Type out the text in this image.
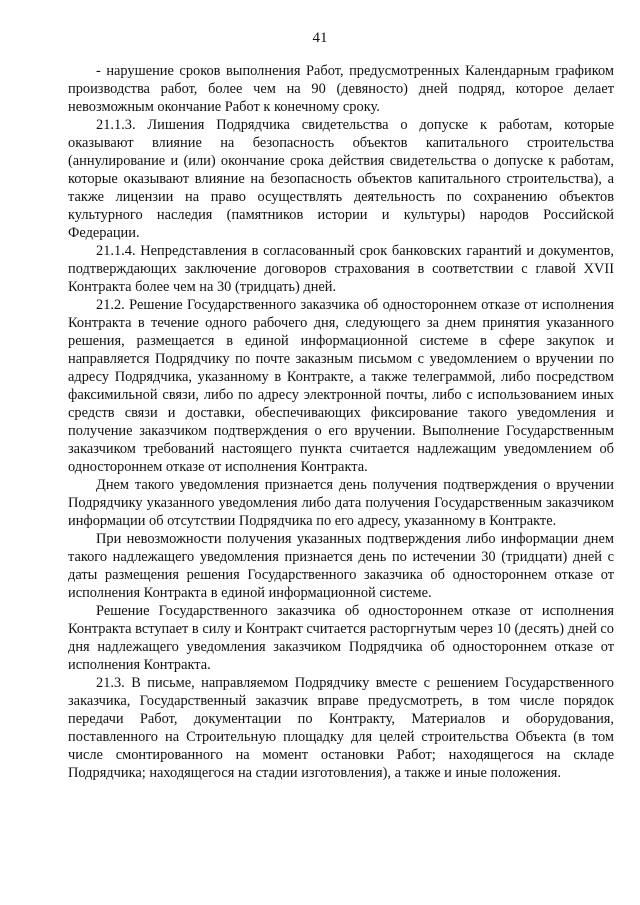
41

- нарушение сроков выполнения Работ, предусмотренных Календарным графиком производства работ, более чем на 90 (девяносто) дней подряд, которое делает невозможным окончание Работ к конечному сроку.

21.1.3. Лишения Подрядчика свидетельства о допуске к работам, которые оказывают влияние на безопасность объектов капитального строительства (аннулирование и (или) окончание срока действия свидетельства о допуске к работам, которые оказывают влияние на безопасность объектов капитального строительства), а также лицензии на право осуществлять деятельность по сохранению объектов культурного наследия (памятников истории и культуры) народов Российской Федерации.

21.1.4. Непредставления в согласованный срок банковских гарантий и документов, подтверждающих заключение договоров страхования в соответствии с главой XVII Контракта более чем на 30 (тридцать) дней.

21.2. Решение Государственного заказчика об одностороннем отказе от исполнения Контракта в течение одного рабочего дня, следующего за днем принятия указанного решения, размещается в единой информационной системе в сфере закупок и направляется Подрядчику по почте заказным письмом с уведомлением о вручении по адресу Подрядчика, указанному в Контракте, а также телеграммой, либо посредством факсимильной связи, либо по адресу электронной почты, либо с использованием иных средств связи и доставки, обеспечивающих фиксирование такого уведомления и получение заказчиком подтверждения о его вручении. Выполнение Государственным заказчиком требований настоящего пункта считается надлежащим уведомлением об одностороннем отказе от исполнения Контракта.

Днем такого уведомления признается день получения подтверждения о вручении Подрядчику указанного уведомления либо дата получения Государственным заказчиком информации об отсутствии Подрядчика по его адресу, указанному в Контракте.

При невозможности получения указанных подтверждения либо информации днем такого надлежащего уведомления признается день по истечении 30 (тридцати) дней с даты размещения решения Государственного заказчика об одностороннем отказе от исполнения Контракта в единой информационной системе.

Решение Государственного заказчика об одностороннем отказе от исполнения Контракта вступает в силу и Контракт считается расторгнутым через 10 (десять) дней со дня надлежащего уведомления заказчиком Подрядчика об одностороннем отказе от исполнения Контракта.

21.3. В письме, направляемом Подрядчику вместе с решением Государственного заказчика, Государственный заказчик вправе предусмотреть, в том числе порядок передачи Работ, документации по Контракту, Материалов и оборудования, поставленного на Строительную площадку для целей строительства Объекта (в том числе смонтированного на момент остановки Работ; находящегося на складе Подрядчика; находящегося на стадии изготовления), а также и иные положения.
